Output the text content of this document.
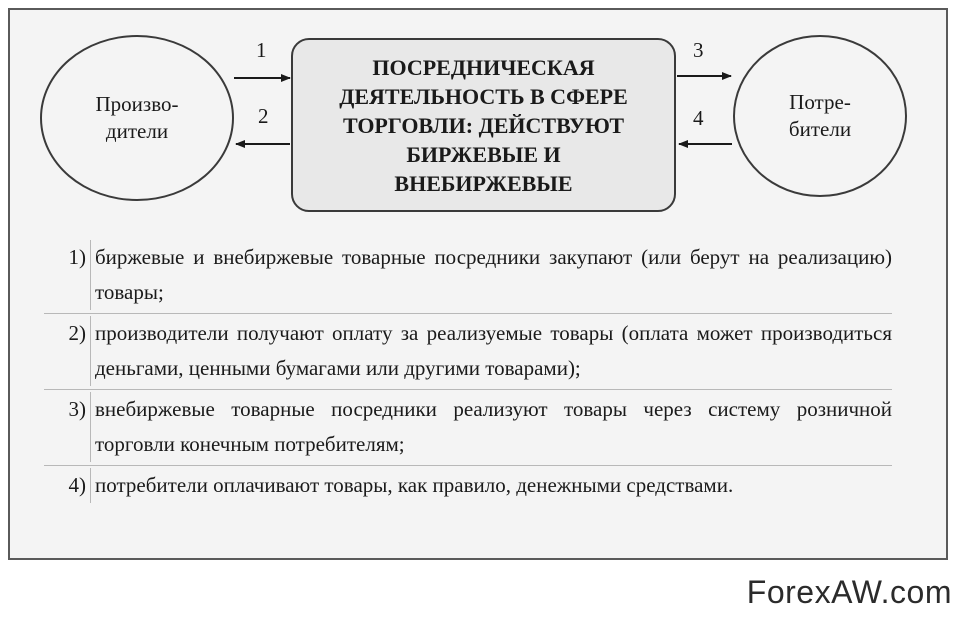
Произво-
дители
ПОСРЕДНИЧЕСКАЯ
ДЕЯТЕЛЬНОСТЬ В СФЕРЕ
ТОРГОВЛИ: ДЕЙСТВУЮТ
БИРЖЕВЫЕ И
ВНЕБИРЖЕВЫЕ
Потре-
бители
1
2
3
4
1) биржевые и внебиржевые товарные посредники закупают (или берут на реализацию) товары;
2) производители получают оплату за реализуемые товары (оплата может производиться деньгами, ценными бумагами или другими товарами);
3) внебиржевые товарные посредники реализуют товары через систему розничной торговли конечным потребителям;
4) потребители оплачивают товары, как правило, денежными средствами.
ForexAW.com
